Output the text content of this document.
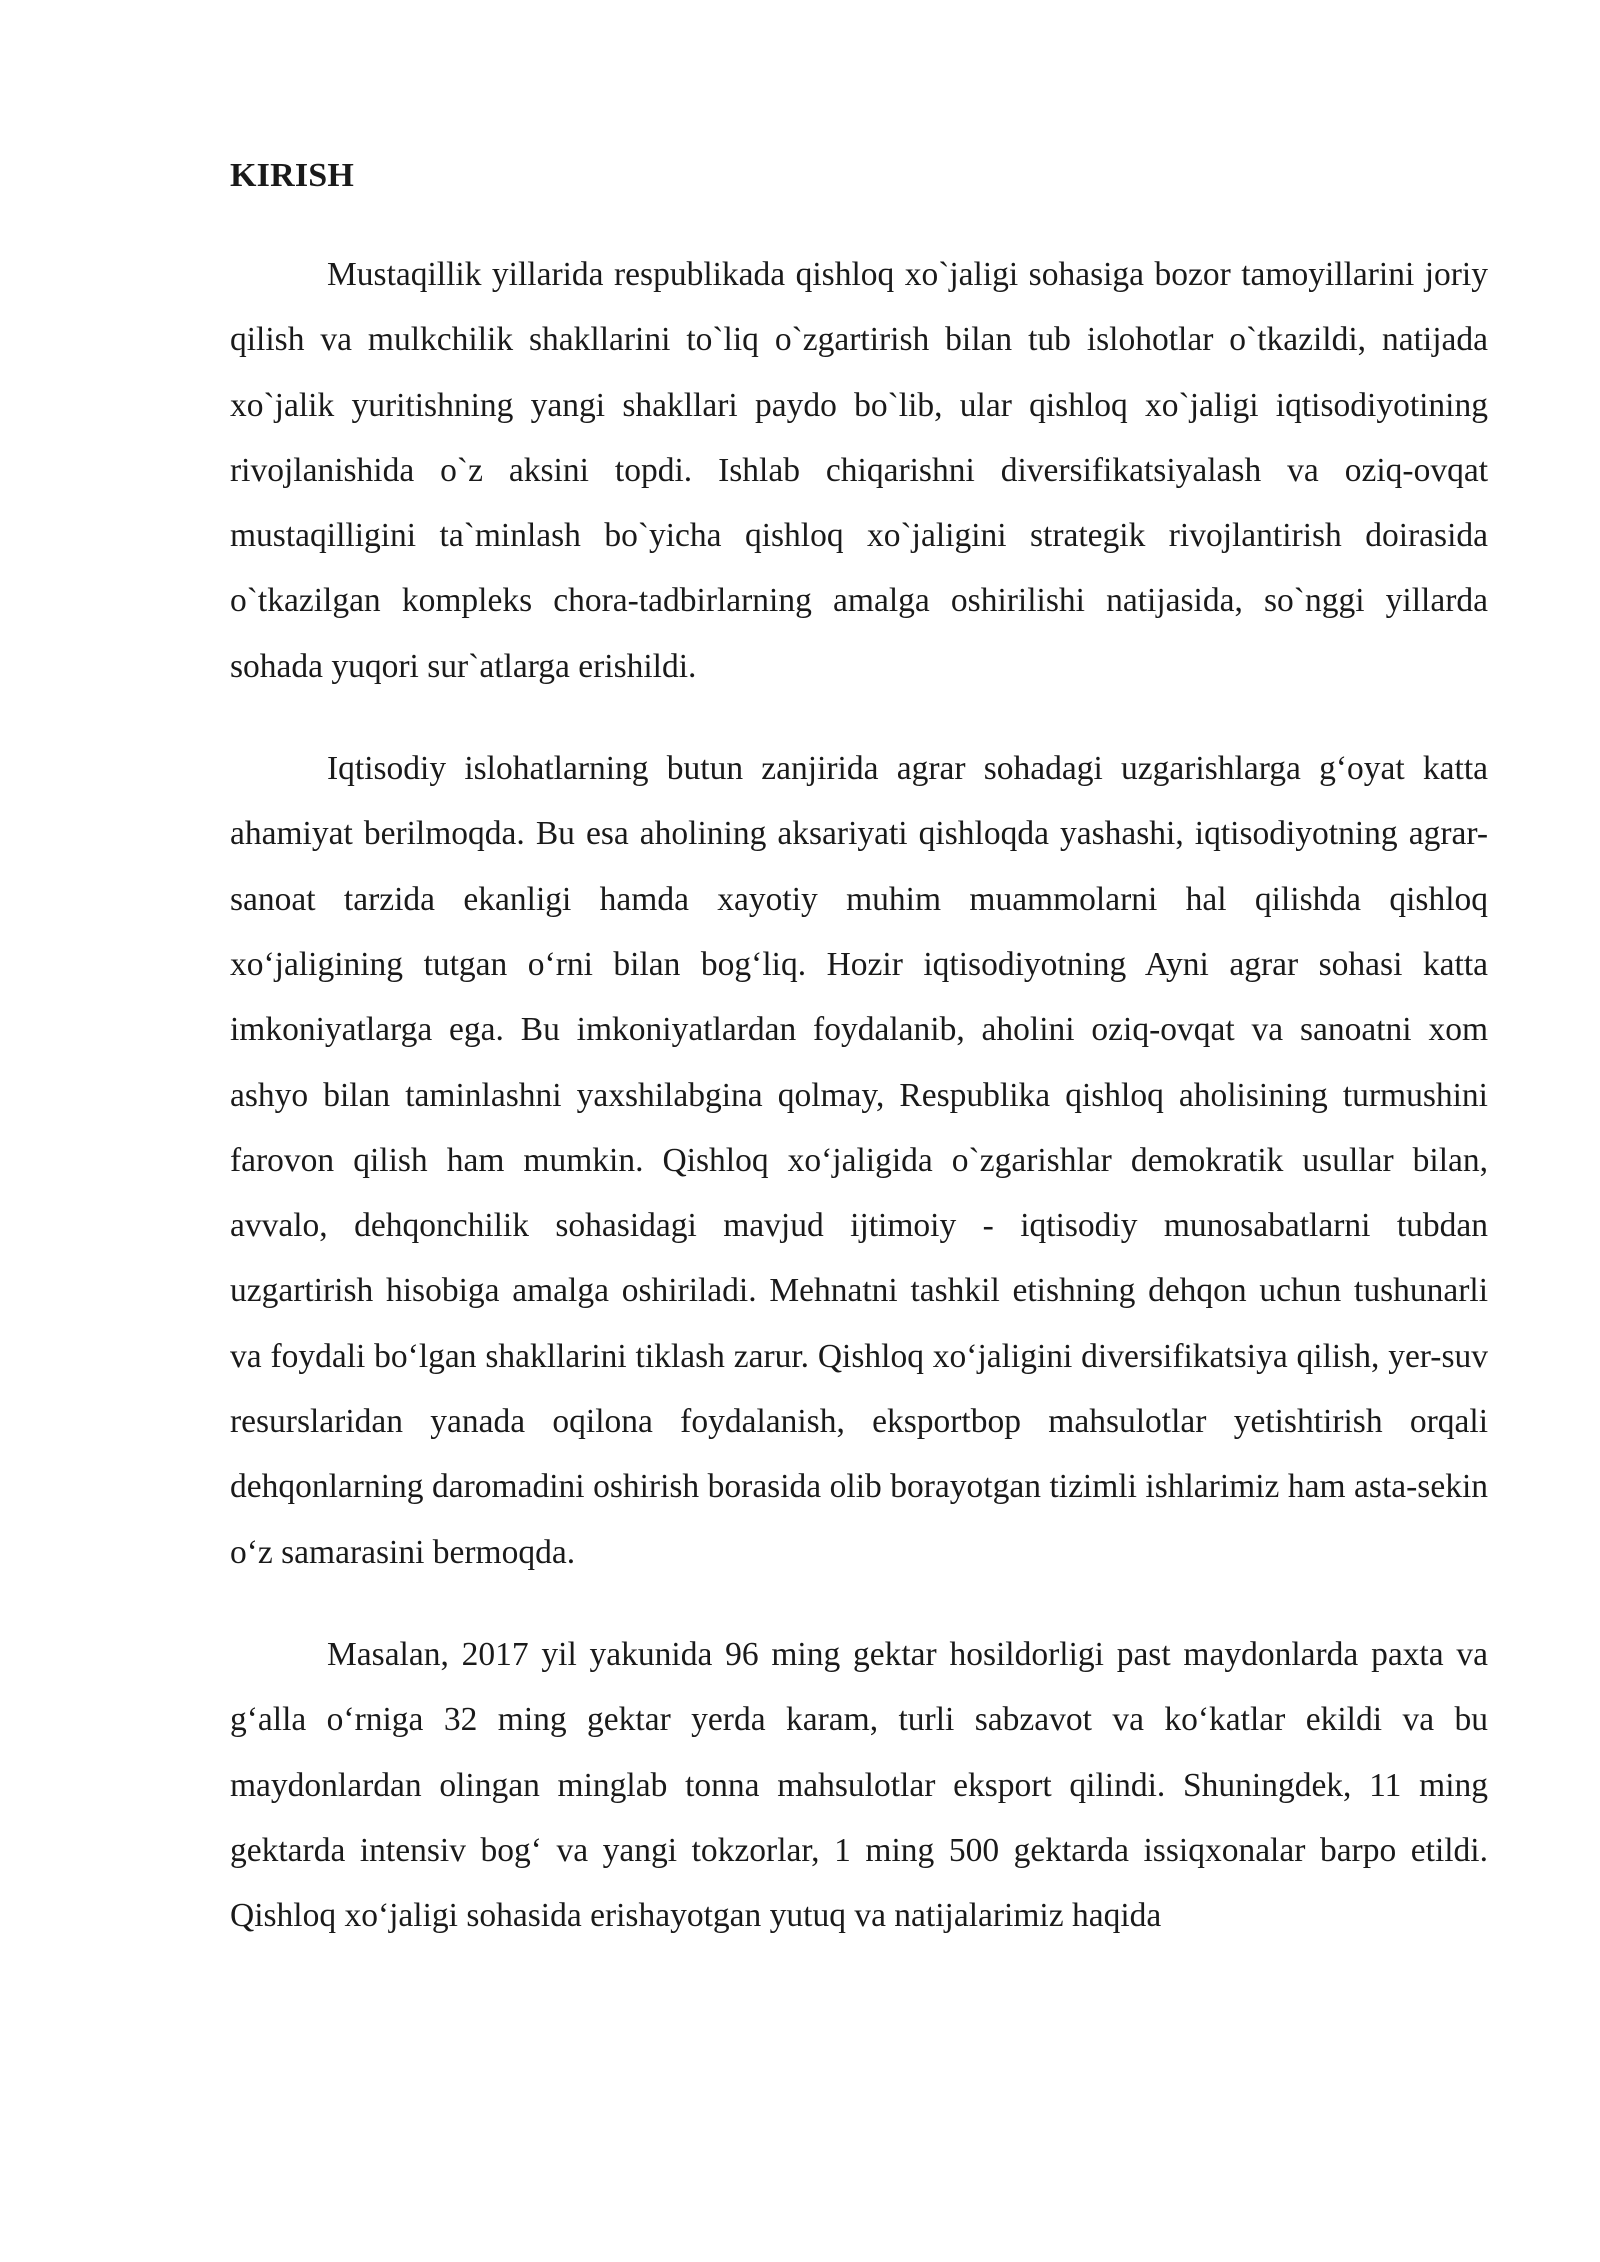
KIRISH

Mustaqillik yillarida respublikada qishloq xo`jaligi sohasiga bozor tamoyillarini joriy qilish va mulkchilik shakllarini to`liq o`zgartirish bilan tub islohotlar o`tkazildi, natijada xo`jalik yuritishning yangi shakllari paydo bo`lib, ular qishloq xo`jaligi iqtisodiyotining rivojlanishida o`z aksini topdi. Ishlab chiqarishni diversifikatsiyalash va oziq-ovqat mustaqilligini ta`minlash bo`yicha qishloq xo`jaligini strategik rivojlantirish doirasida o`tkazilgan kompleks chora-tadbirlarning amalga oshirilishi natijasida, so`nggi yillarda sohada yuqori sur`atlarga erishildi.

Iqtisodiy islohatlarning butun zanjirida agrar sohadagi uzgarishlarga g‘oyat katta ahamiyat berilmoqda. Bu esa aholining aksariyati qishloqda yashashi, iqtisodiyotning agrar-sanoat tarzida ekanligi hamda xayotiy muhim muammolarni hal qilishda qishloq xo‘jaligining tutgan o‘rni bilan bog‘liq. Hozir iqtisodiyotning Ayni agrar sohasi katta imkoniyatlarga ega. Bu imkoniyatlardan foydalanib, aholini oziq-ovqat va sanoatni xom ashyo bilan taminlashni yaxshilabgina qolmay, Respublika qishloq aholisining turmushini farovon qilish ham mumkin. Qishloq xo‘jaligida o`zgarishlar demokratik usullar bilan, avvalo, dehqonchilik sohasidagi mavjud ijtimoiy - iqtisodiy munosabatlarni tubdan uzgartirish hisobiga amalga oshiriladi. Mehnatni tashkil etishning dehqon uchun tushunarli va foydali bo‘lgan shakllarini tiklash zarur. Qishloq xo‘jaligini diversifikatsiya qilish, yer-suv resurslaridan yanada oqilona foydalanish, eksportbop mahsulotlar yetishtirish orqali dehqonlarning daromadini oshirish borasida olib borayotgan tizimli ishlarimiz ham asta-sekin o‘z samarasini bermoqda.

Masalan, 2017 yil yakunida 96 ming gektar hosildorligi past maydonlarda paxta va g‘alla o‘rniga 32 ming gektar yerda karam, turli sabzavot va ko‘katlar ekildi va bu maydonlardan olingan minglab tonna mahsulotlar eksport qilindi. Shuningdek, 11 ming gektarda intensiv bog‘ va yangi tokzorlar, 1 ming 500 gektarda issiqxonalar barpo etildi. Qishloq xo‘jaligi sohasida erishayotgan yutuq va natijalarimiz haqida
